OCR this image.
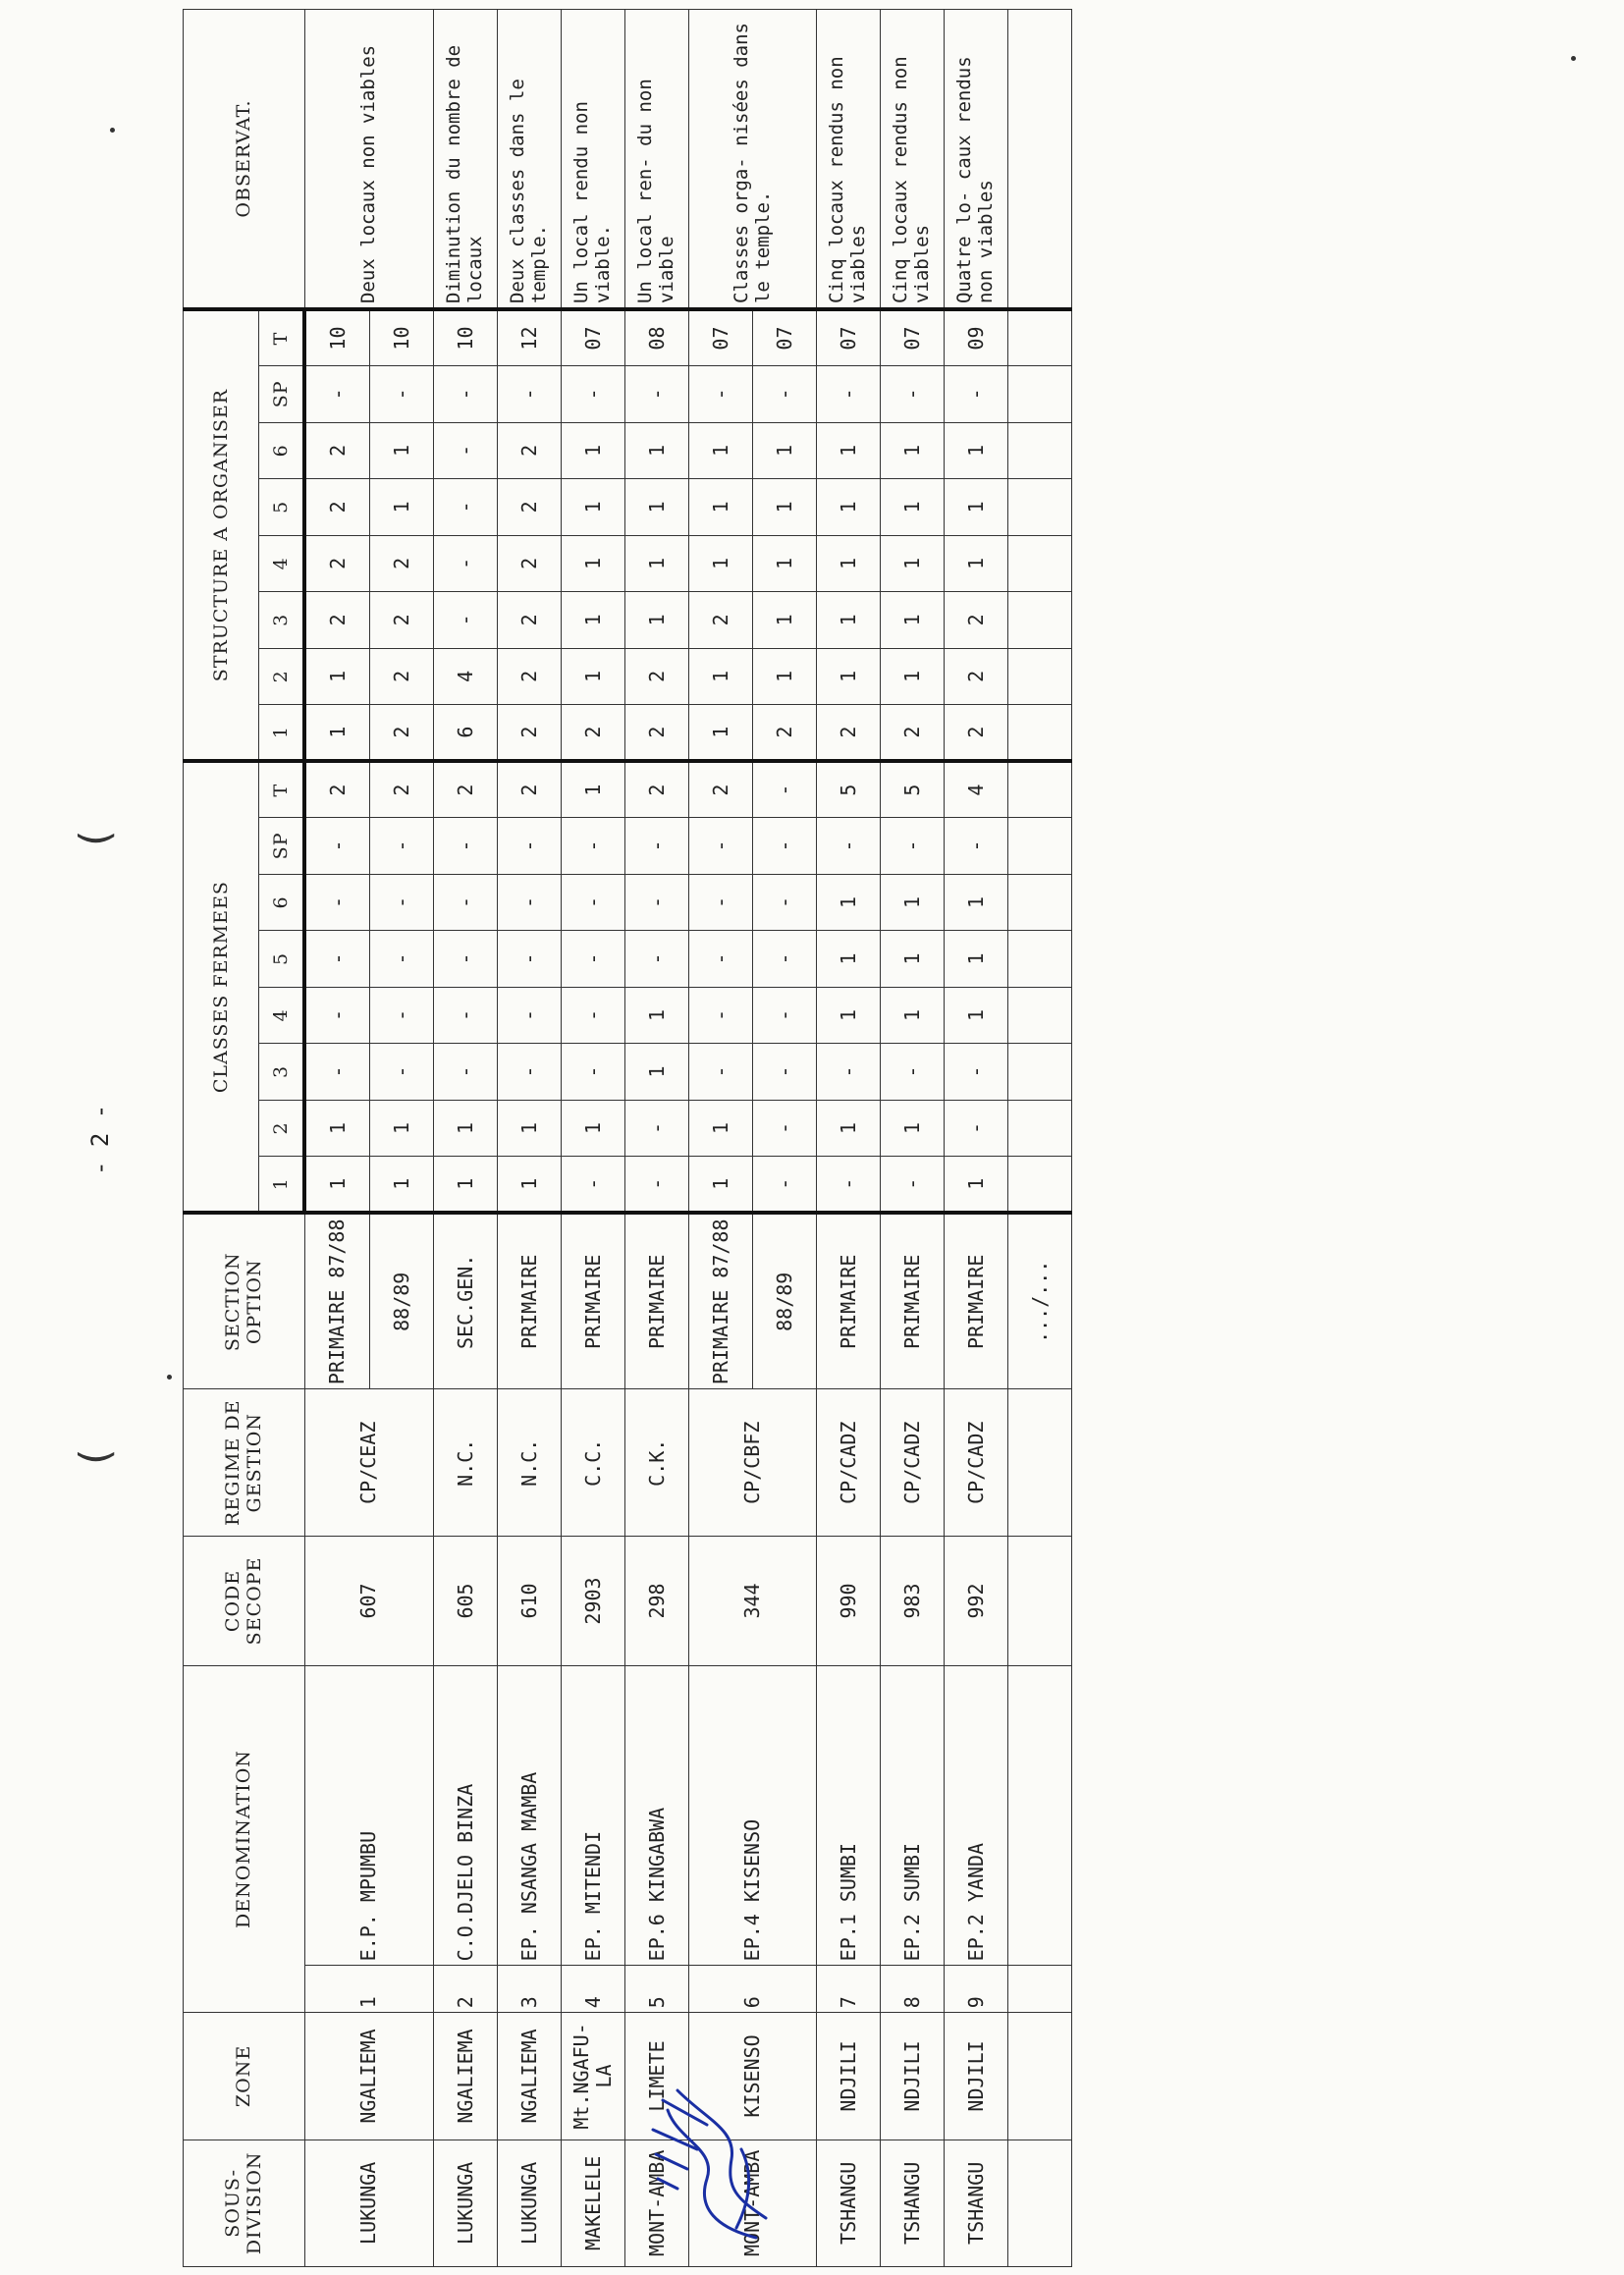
- 2 -
(
(
SOUS-DIVISION	ZONE	DENOMINATION		CODE SECOPE	REGIME DE GESTION	SECTION OPTION	CLASSES FERMEES								STRUCTURE A ORGANISER								OBSERVAT.
							1	2	3	4	5	6	SP	T	1	2	3	4	5	6	SP	T	
LUKUNGA	NGALIEMA	1	E.P. MPUMBU	607	CP/CEAZ	PRIMAIRE 87/88	1	1	-	-	-	-	-	2	1	1	2	2	2	2	-	10	Deux locaux non viables
						88/89	1	1	-	-	-	-	-	2	2	2	2	2	1	1	-	10	
LUKUNGA	NGALIEMA	2	C.O.DJELO BINZA	605	N.C.	SEC.GEN.	1	1	-	-	-	-	-	2	6	4	-	-	-	-	-	10	Diminution du nombre de locaux
LUKUNGA	NGALIEMA	3	EP. NSANGA MAMBA	610	N.C.	PRIMAIRE	1	1	-	-	-	-	-	2	2	2	2	2	2	2	-	12	Deux classes dans le temple.
MAKELELE	Mt.NGAFU- LA	4	EP. MITENDI	2903	C.C.	PRIMAIRE	-	1	-	-	-	-	-	1	2	1	1	1	1	1	-	07	Un local rendu non viable.
MONT-AMBA	LIMETE	5	EP.6 KINGABWA	298	C.K.	PRIMAIRE	-	-	1	1	-	-	-	2	2	2	1	1	1	1	-	08	Un local ren- du non viable
MONT-AMBA	KISENSO	6	EP.4 KISENSO	344	CP/CBFZ	PRIMAIRE 87/88	1	1	-	-	-	-	-	2	1	1	2	1	1	1	-	07	Classes orga- nisées dans le temple.
						88/89	-	-	-	-	-	-	-	-	2	1	1	1	1	1	-	07	
TSHANGU	NDJILI	7	EP.1 SUMBI	990	CP/CADZ	PRIMAIRE	-	1	-	1	1	1	-	5	2	1	1	1	1	1	-	07	Cinq locaux rendus non viables
TSHANGU	NDJILI	8	EP.2 SUMBI	983	CP/CADZ	PRIMAIRE	-	1	-	1	1	1	-	5	2	1	1	1	1	1	-	07	Cinq locaux rendus non viables
TSHANGU	NDJILI	9	EP.2 YANDA	992	CP/CADZ	PRIMAIRE	1	-	-	1	1	1	-	4	2	2	2	1	1	1	-	09	Quatre lo- caux rendus non viables
						.../...																	
